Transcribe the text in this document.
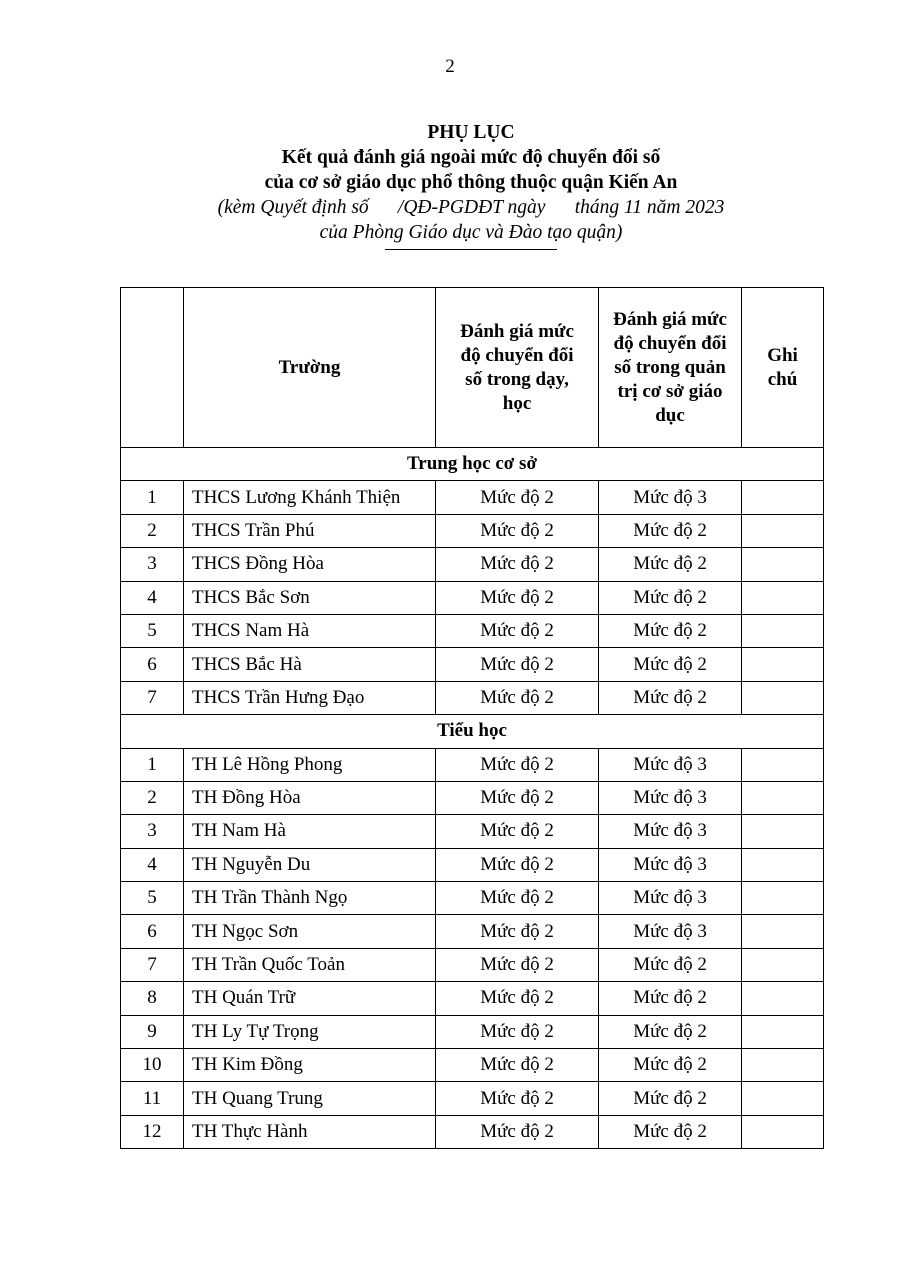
2
PHỤ LỤC
Kết quả đánh giá ngoài mức độ chuyển đổi số
của cơ sở giáo dục phổ thông thuộc quận Kiến An
(kèm Quyết định số      /QĐ-PGDĐT ngày      tháng 11 năm 2023
của Phòng Giáo dục và Đào tạo quận)
	Trường	Đánh giá mức độ chuyển đổi số trong dạy, học	Đánh giá mức độ chuyển đổi số trong quản trị cơ sở giáo dục	Ghi chú
Trung học cơ sở				
1	THCS Lương Khánh Thiện	Mức độ 2	Mức độ 3	
2	THCS Trần Phú	Mức độ 2	Mức độ 2	
3	THCS Đồng Hòa	Mức độ 2	Mức độ 2	
4	THCS Bắc Sơn	Mức độ 2	Mức độ 2	
5	THCS Nam Hà	Mức độ 2	Mức độ 2	
6	THCS Bắc Hà	Mức độ 2	Mức độ 2	
7	THCS Trần Hưng Đạo	Mức độ 2	Mức độ 2	
Tiểu học				
1	TH Lê Hồng Phong	Mức độ 2	Mức độ 3	
2	TH Đồng Hòa	Mức độ 2	Mức độ 3	
3	TH Nam Hà	Mức độ 2	Mức độ 3	
4	TH Nguyễn Du	Mức độ 2	Mức độ 3	
5	TH Trần Thành Ngọ	Mức độ 2	Mức độ 3	
6	TH Ngọc Sơn	Mức độ 2	Mức độ 3	
7	TH Trần Quốc Toản	Mức độ 2	Mức độ 2	
8	TH Quán Trữ	Mức độ 2	Mức độ 2	
9	TH Ly Tự Trọng	Mức độ 2	Mức độ 2	
10	TH Kim Đồng	Mức độ 2	Mức độ 2	
11	TH Quang Trung	Mức độ 2	Mức độ 2	
12	TH Thực Hành	Mức độ 2	Mức độ 2	
